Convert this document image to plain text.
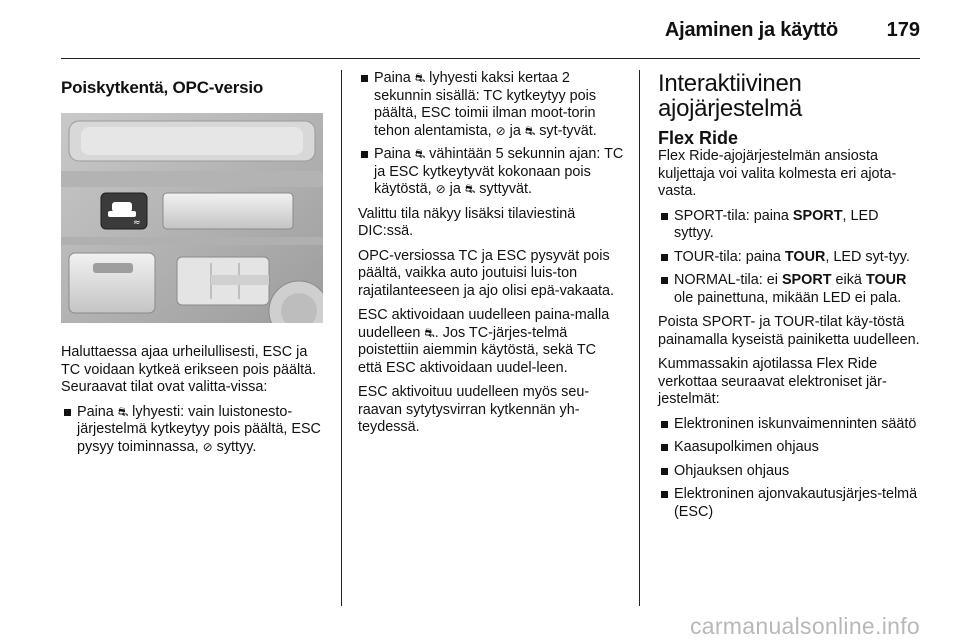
Ajaminen ja käyttö 179
Poiskytkentä, OPC-versio
≈

Haluttaessa ajaa urheilullisesti, ESC ja TC voidaan kytkeä erikseen pois päältä. Seuraavat tilat ovat valitta-vissa:

Paina ⛐ lyhyesti: vain luistonesto-järjestelmä kytkeytyy pois päältä, ESC pysyy toiminnassa, ⊘ syttyy.
Paina ⛐ lyhyesti kaksi kertaa 2 sekunnin sisällä: TC kytkeytyy pois päältä, ESC toimii ilman moot-torin tehon alentamista, ⊘ ja ⛐ syt-tyvät.
Paina ⛐ vähintään 5 sekunnin ajan: TC ja ESC kytkeytyvät kokonaan pois käytöstä, ⊘ ja ⛐ syttyvät.

Valittu tila näkyy lisäksi tilaviestinä DIC:ssä.

OPC-versiossa TC ja ESC pysyvät pois päältä, vaikka auto joutuisi luis-ton rajatilanteeseen ja ajo olisi epä-vakaata.

ESC aktivoidaan uudelleen paina-malla uudelleen ⛐. Jos TC-järjes-telmä poistettiin aiemmin käytöstä, sekä TC että ESC aktivoidaan uudel-leen.

ESC aktivoituu uudelleen myös seu-raavan sytytysvirran kytkennän yh-teydessä.

Interaktiivinen ajojärjestelmä
Flex Ride

Flex Ride-ajojärjestelmän ansiosta kuljettaja voi valita kolmesta eri ajota-vasta.

SPORT-tila: paina SPORT, LED syttyy.
TOUR-tila: paina TOUR, LED syt-tyy.
NORMAL-tila: ei SPORT eikä TOUR ole painettuna, mikään LED ei pala.

Poista SPORT- ja TOUR-tilat käy-töstä painamalla kyseistä painiketta uudelleen.

Kummassakin ajotilassa Flex Ride verkottaa seuraavat elektroniset jär-jestelmät:

Elektroninen iskunvaimenninten säätö
Kaasupolkimen ohjaus
Ohjauksen ohjaus
Elektroninen ajonvakautusjärjes-telmä (ESC)
carmanualsonline.info
